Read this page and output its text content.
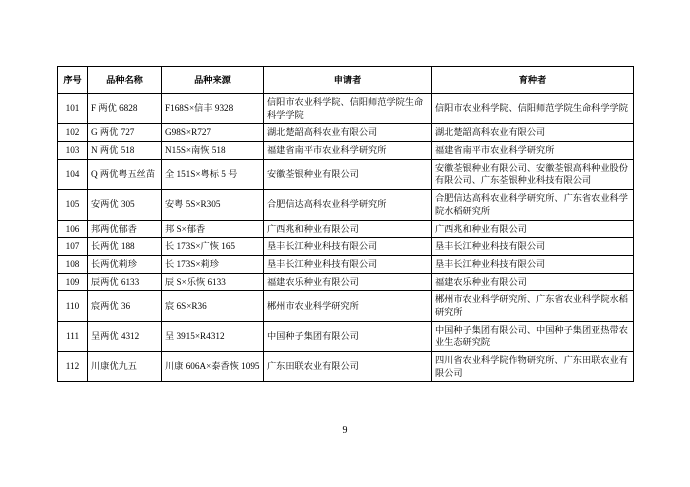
序号	品种名称	品种来源	申请者	育种者
101	F 两优 6828	F168S×信丰 9328	信阳市农业科学院、信阳师范学院生命科学学院	信阳市农业科学院、信阳师范学院生命科学学院
102	G 两优 727	G98S×R727	湖北楚韶高科农业有限公司	湖北楚韶高科农业有限公司
103	N 两优 518	N15S×南恢 518	福建省南平市农业科学研究所	福建省南平市农业科学研究所
104	Q 两优粤五丝苗	全 151S×粤标 5 号	安徽荃银种业有限公司	安徽荃银种业有限公司、安徽荃银高科种业股份有限公司、广东荃银种业科技有限公司
105	安两优 305	安粤 5S×R305	合肥信达高科农业科学研究所	合肥信达高科农业科学研究所、广东省农业科学院水稻研究所
106	邦两优郁香	邦 S×郁香	广西兆和种业有限公司	广西兆和种业有限公司
107	长两优 188	长 173S×广恢 165	垦丰长江种业科技有限公司	垦丰长江种业科技有限公司
108	长两优莉珍	长 173S×莉珍	垦丰长江种业科技有限公司	垦丰长江种业科技有限公司
109	辰两优 6133	辰 S×乐恢 6133	福建农乐种业有限公司	福建农乐种业有限公司
110	宸两优 36	宸 6S×R36	郴州市农业科学研究所	郴州市农业科学研究所、广东省农业科学院水稻研究所
111	呈两优 4312	呈 3915×R4312	中国种子集团有限公司	中国种子集团有限公司、中国种子集团亚热带农业生态研究院
112	川康优九五	川康 606A×泰香恢 1095	广东田联农业有限公司	四川省农业科学院作物研究所、广东田联农业有限公司
9
